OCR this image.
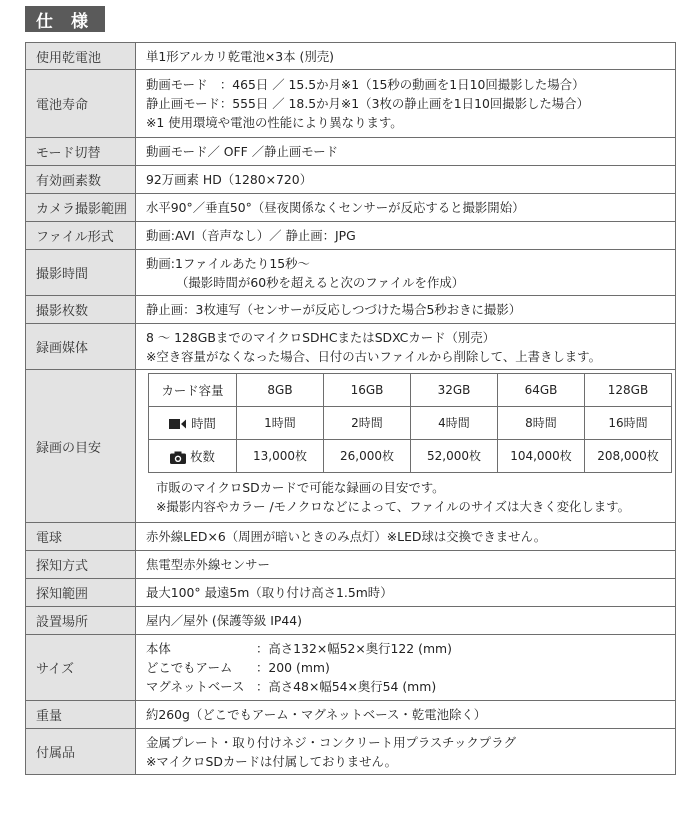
仕 様
使用乾電池	単1形アルカリ乾電池×3本 (別売)
電池寿命	
動画モード　：465日 ／ 15.5か月※1（15秒の動画を1日10回撮影した場合）
静止画モード：555日 ／ 18.5か月※1（3枚の静止画を1日10回撮影した場合）
※1 使用環境や電池の性能により異なります。

モード切替	動画モード／ OFF ／静止画モード
有効画素数	92万画素 HD（1280×720）
カメラ撮影範囲	水平90°／垂直50°（昼夜関係なくセンサーが反応すると撮影開始）
ファイル形式	動画:AVI（音声なし）／ 静止画：JPG
撮影時間	
動画:1ファイルあたり15秒～
（撮影時間が60秒を超えると次のファイルを作成）

撮影枚数	静止画：3枚連写（センサーが反応しつづけた場合5秒おきに撮影）
録画媒体	
8 ～ 128GBまでのマイクロSDHCまたはSDXCカード（別売）
※空き容量がなくなった場合、日付の古いファイルから削除して、上書きします。

録画の目安	
カード容量	8GB	16GB	32GB	64GB	128GB
時間	1時間	2時間	4時間	8時間	16時間
枚数	13,000枚	26,000枚	52,000枚	104,000枚	208,000枚
市販のマイクロSDカードで可能な録画の目安です。
※撮影内容やカラー /モノクロなどによって、ファイルのサイズは大きく変化します。

電球	赤外線LED×6（周囲が暗いときのみ点灯）※LED球は交換できません。
探知方式	焦電型赤外線センサー
探知範囲	最大100° 最遠5m（取り付け高さ1.5m時）
設置場所	屋内／屋外 (保護等級 IP44)
サイズ	
本体	：高さ132×幅52×奥行122 (mm)
どこでもアーム	：200 (mm)
マグネットベース ：高さ48×幅54×奥行54 (mm)

重量	約260g（どこでもアーム・マグネットベース・乾電池除く）
付属品	
金属プレート・取り付けネジ・コンクリート用プラスチックプラグ
※マイクロSDカードは付属しておりません。
